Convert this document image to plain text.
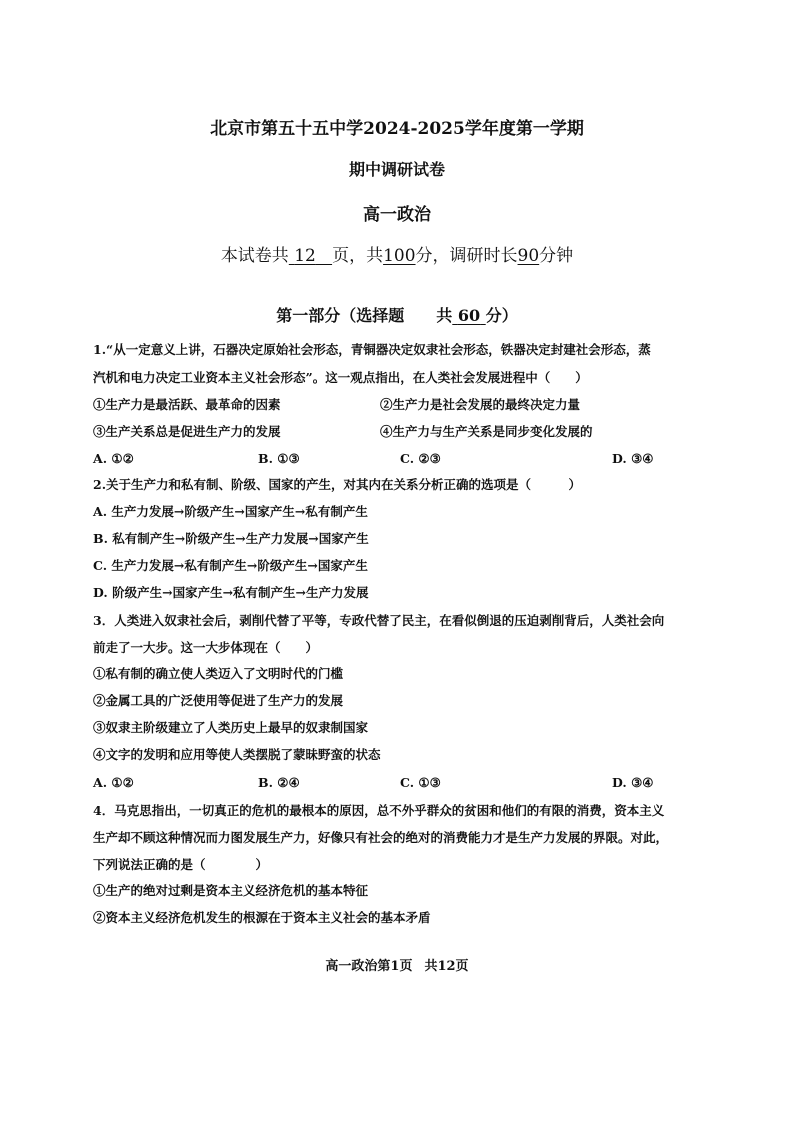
北京市第五十五中学2024-2025学年度第一学期
期中调研试卷
高一政治
本试卷共 12 页，共100分，调研时长90分钟
第一部分（选择题　　共 60 分）
1.“从一定意义上讲，石器决定原始社会形态，青铜器决定奴隶社会形态，铁器决定封建社会形态，蒸
汽机和电力决定工业资本主义社会形态”。这一观点指出，在人类社会发展进程中（　　）
①生产力是最活跃、最革命的因素	②生产力是社会发展的最终决定力量
③生产关系总是促进生产力的发展	④生产力与生产关系是同步变化发展的
A. ①②	B. ①③	C. ②③	D. ③④
2.关于生产力和私有制、阶级、国家的产生，对其内在关系分析正确的选项是（　　　）
A. 生产力发展→阶级产生→国家产生→私有制产生
B. 私有制产生→阶级产生→生产力发展→国家产生
C. 生产力发展→私有制产生→阶级产生→国家产生
D. 阶级产生→国家产生→私有制产生→生产力发展
3．人类进入奴隶社会后，剥削代替了平等，专政代替了民主，在看似倒退的压迫剥削背后，人类社会向
前走了一大步。这一大步体现在（　　）
①私有制的确立使人类迈入了文明时代的门槛
②金属工具的广泛使用等促进了生产力的发展
③奴隶主阶级建立了人类历史上最早的奴隶制国家
④文字的发明和应用等使人类摆脱了蒙昧野蛮的状态
A. ①②	B. ②④	C. ①③	D. ③④
4．马克思指出，一切真正的危机的最根本的原因，总不外乎群众的贫困和他们的有限的消费，资本主义
生产却不顾这种情况而力图发展生产力，好像只有社会的绝对的消费能力才是生产力发展的界限。对此，
下列说法正确的是（　　　　）
①生产的绝对过剩是资本主义经济危机的基本特征
②资本主义经济危机发生的根源在于资本主义社会的基本矛盾
高一政治第1页 共12页
